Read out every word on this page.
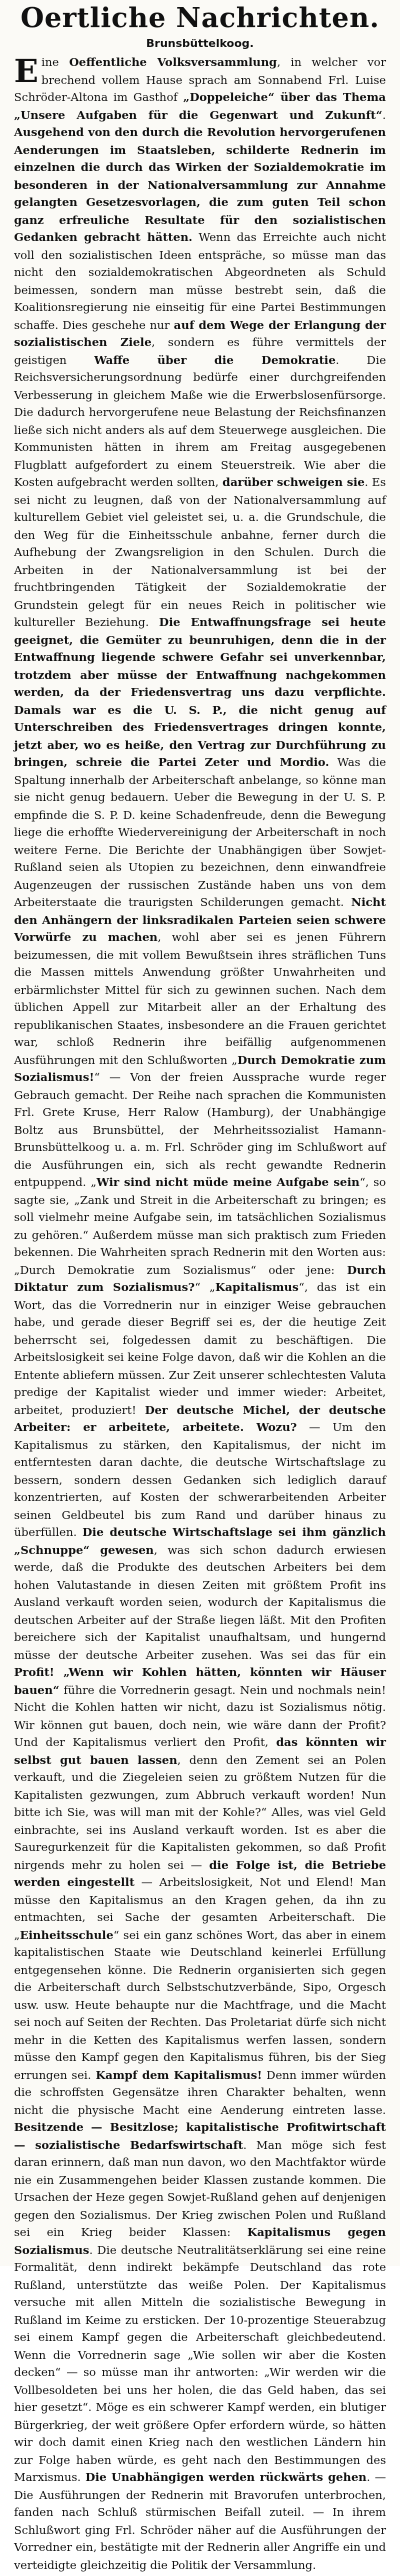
Oertliche Nachrichten.
Brunsbüttelkoog.

E ine Oeffentliche Volksversammlung, in welcher vor brechend vollem Hause sprach am Sonnabend Frl. Luise Schröder-Altona im Gasthof „Doppeleiche“ über das Thema „Unsere Aufgaben für die Gegenwart und Zukunft“. Ausgehend von den durch die Revolution hervorgerufenen Aenderungen im Staatsleben, schilderte Rednerin im einzelnen die durch das Wirken der Sozialdemokratie im besonderen in der Nationalversammlung zur Annahme gelangten Gesetzesvorlagen, die zum guten Teil schon ganz erfreuliche Resultate für den sozialistischen Gedanken gebracht hätten. Wenn das Erreichte auch nicht voll den sozialistischen Ideen entspräche, so müsse man das nicht den sozialdemokratischen Abgeordneten als Schuld beimessen, sondern man müsse bestrebt sein, daß die Koalitionsregierung nie einseitig für eine Partei Bestimmungen schaffe. Dies geschehe nur auf dem Wege der Erlangung der sozialistischen Ziele, sondern es führe vermittels der geistigen Waffe über die Demokratie. Die Reichsversicherungsordnung bedürfe einer durchgreifenden Verbesserung in gleichem Maße wie die Erwerbslosenfürsorge. Die dadurch hervorgerufene neue Belastung der Reichsfinanzen ließe sich nicht anders als auf dem Steuerwege ausgleichen. Die Kommunisten hätten in ihrem am Freitag ausgegebenen Flugblatt aufgefordert zu einem Steuerstreik. Wie aber die Kosten aufgebracht werden sollten, darüber schweigen sie. Es sei nicht zu leugnen, daß von der Nationalversammlung auf kulturellem Gebiet viel geleistet sei, u. a. die Grundschule, die den Weg für die Einheitsschule anbahne, ferner durch die Aufhebung der Zwangsreligion in den Schulen. Durch die Arbeiten in der Nationalversammlung ist bei der fruchtbringenden Tätigkeit der Sozialdemokratie der Grundstein gelegt für ein neues Reich in politischer wie kultureller Beziehung. Die Entwaffnungsfrage sei heute geeignet, die Gemüter zu beunruhigen, denn die in der Entwaffnung liegende schwere Gefahr sei unverkennbar, trotzdem aber müsse der Entwaffnung nachgekommen werden, da der Friedensvertrag uns dazu verpflichte. Damals war es die U. S. P., die nicht genug auf Unterschreiben des Friedensvertrages dringen konnte, jetzt aber, wo es heiße, den Vertrag zur Durchführung zu bringen, schreie die Partei Zeter und Mordio. Was die Spaltung innerhalb der Arbeiterschaft anbelange, so könne man sie nicht genug bedauern. Ueber die Bewegung in der U. S. P. empfinde die S. P. D. keine Schadenfreude, denn die Bewegung liege die erhoffte Wiedervereinigung der Arbeiterschaft in noch weitere Ferne. Die Berichte der Unabhängigen über Sowjet-Rußland seien als Utopien zu bezeichnen, denn einwandfreie Augenzeugen der russischen Zustände haben uns von dem Arbeiterstaate die traurigsten Schilderungen gemacht. Nicht den Anhängern der linksradikalen Parteien seien schwere Vorwürfe zu machen, wohl aber sei es jenen Führern beizumessen, die mit vollem Bewußtsein ihres sträflichen Tuns die Massen mittels Anwendung größter Unwahrheiten und erbärmlichster Mittel für sich zu gewinnen suchen. Nach dem üblichen Appell zur Mitarbeit aller an der Erhaltung des republikanischen Staates, insbesondere an die Frauen gerichtet war, schloß Rednerin ihre beifällig aufgenommenen Ausführungen mit den Schlußworten „Durch Demokratie zum Sozialismus!“ — Von der freien Aussprache wurde reger Gebrauch gemacht. Der Reihe nach sprachen die Kommunisten Frl. Grete Kruse, Herr Ralow (Hamburg), der Unabhängige Boltz aus Brunsbüttel, der Mehrheitssozialist Hamann-Brunsbüttelkoog u. a. m. Frl. Schröder ging im Schlußwort auf die Ausführungen ein, sich als recht gewandte Rednerin entpuppend. „Wir sind nicht müde meine Aufgabe sein“, so sagte sie, „Zank und Streit in die Arbeiterschaft zu bringen; es soll vielmehr meine Aufgabe sein, im tatsächlichen Sozialismus zu gehören.“ Außerdem müsse man sich praktisch zum Frieden bekennen. Die Wahrheiten sprach Rednerin mit den Worten aus: „Durch Demokratie zum Sozialismus“ oder jene: Durch Diktatur zum Sozialismus?“ „Kapitalismus“, das ist ein Wort, das die Vorrednerin nur in einziger Weise gebrauchen habe, und gerade dieser Begriff sei es, der die heutige Zeit beherrscht sei, folgedessen damit zu beschäftigen. Die Arbeitslosigkeit sei keine Folge davon, daß wir die Kohlen an die Entente abliefern müssen. Zur Zeit unserer schlechtesten Valuta predige der Kapitalist wieder und immer wieder: Arbeitet, arbeitet, produziert! Der deutsche Michel, der deutsche Arbeiter: er arbeitete, arbeitete. Wozu? — Um den Kapitalismus zu stärken, den Kapitalismus, der nicht im entferntesten daran dachte, die deutsche Wirtschaftslage zu bessern, sondern dessen Gedanken sich lediglich darauf konzentrierten, auf Kosten der schwerarbeitenden Arbeiter seinen Geldbeutel bis zum Rand und darüber hinaus zu überfüllen. Die deutsche Wirtschaftslage sei ihm gänzlich „Schnuppe“ gewesen, was sich schon dadurch erwiesen werde, daß die Produkte des deutschen Arbeiters bei dem hohen Valutastande in diesen Zeiten mit größtem Profit ins Ausland verkauft worden seien, wodurch der Kapitalismus die deutschen Arbeiter auf der Straße liegen läßt. Mit den Profiten bereichere sich der Kapitalist unaufhaltsam, und hungernd müsse der deutsche Arbeiter zusehen. Was sei das für ein Profit! „Wenn wir Kohlen hätten, könnten wir Häuser bauen“ führe die Vorrednerin gesagt. Nein und nochmals nein! Nicht die Kohlen hatten wir nicht, dazu ist Sozialismus nötig. Wir können gut bauen, doch nein, wie wäre dann der Profit? Und der Kapitalismus verliert den Profit, das könnten wir selbst gut bauen lassen, denn den Zement sei an Polen verkauft, und die Ziegeleien seien zu größtem Nutzen für die Kapitalisten gezwungen, zum Abbruch verkauft worden! Nun bitte ich Sie, was will man mit der Kohle?“ Alles, was viel Geld einbrachte, sei ins Ausland verkauft worden. Ist es aber die Sauregurkenzeit für die Kapitalisten gekommen, so daß Profit nirgends mehr zu holen sei — die Folge ist, die Betriebe werden eingestellt — Arbeitslosigkeit, Not und Elend! Man müsse den Kapitalismus an den Kragen gehen, da ihn zu entmachten, sei Sache der gesamten Arbeiterschaft. Die „Einheitsschule“ sei ein ganz schönes Wort, das aber in einem kapitalistischen Staate wie Deutschland keinerlei Erfüllung entgegensehen könne. Die Rednerin organisierten sich gegen die Arbeiterschaft durch Selbstschutzverbände, Sipo, Orgesch usw. usw. Heute behaupte nur die Machtfrage, und die Macht sei noch auf Seiten der Rechten. Das Proletariat dürfe sich nicht mehr in die Ketten des Kapitalismus werfen lassen, sondern müsse den Kampf gegen den Kapitalismus führen, bis der Sieg errungen sei. Kampf dem Kapitalismus! Denn immer würden die schroffsten Gegensätze ihren Charakter behalten, wenn nicht die physische Macht eine Aenderung eintreten lasse. Besitzende — Besitzlose; kapitalistische Profitwirtschaft — sozialistische Bedarfswirtschaft. Man möge sich fest daran erinnern, daß man nun davon, wo den Machtfaktor würde nie ein Zusammengehen beider Klassen zustande kommen. Die Ursachen der Heze gegen Sowjet-Rußland gehen auf denjenigen gegen den Sozialismus. Der Krieg zwischen Polen und Rußland sei ein Krieg beider Klassen: Kapitalismus gegen Sozialismus. Die deutsche Neutralitätserklärung sei eine reine Formalität, denn indirekt bekämpfe Deutschland das rote Rußland, unterstützte das weiße Polen. Der Kapitalismus versuche mit allen Mitteln die sozialistische Bewegung in Rußland im Keime zu ersticken. Der 10-prozentige Steuerabzug sei einem Kampf gegen die Arbeiterschaft gleichbedeutend. Wenn die Vorrednerin sage „Wie sollen wir aber die Kosten decken“ — so müsse man ihr antworten: „Wir werden wir die Vollbesoldeten bei uns her holen, die das Geld haben, das sei hier gesetzt“. Möge es ein schwerer Kampf werden, ein blutiger Bürgerkrieg, der weit größere Opfer erfordern würde, so hätten wir doch damit einen Krieg nach den westlichen Ländern hin zur Folge haben würde, es geht nach den Bestimmungen des Marxismus. Die Unabhängigen werden rückwärts gehen. — Die Ausführungen der Rednerin mit Bravorufen unterbrochen, fanden nach Schluß stürmischen Beifall zuteil. — In ihrem Schlußwort ging Frl. Schröder näher auf die Ausführungen der Vorredner ein, bestätigte mit der Rednerin aller Angriffe ein und verteidigte gleichzeitig die Politik der Versammlung.
